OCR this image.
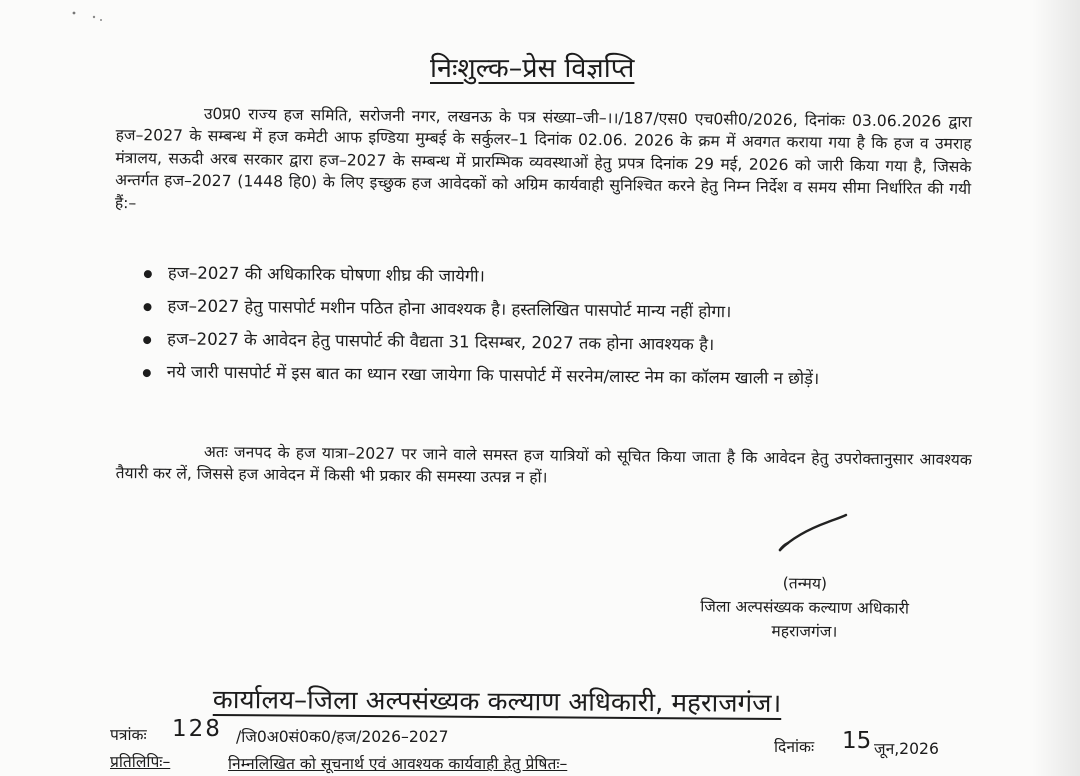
निःशुल्क–प्रेस विज्ञप्ति

उ0प्र0 राज्य हज समिति, सरोजनी नगर, लखनऊ के पत्र संख्या–जी–।।/187/एस0 एच0सी0/2026, दिनांकः 03.06.2026 द्वारा हज–2027 के सम्बन्ध में हज कमेटी आफ इण्डिया मुम्बई के सर्कुलर–1 दिनांक 02.06. 2026 के क्रम में अवगत कराया गया है कि हज व उमराह मंत्रालय, सऊदी अरब सरकार द्वारा हज–2027 के सम्बन्ध में प्रारम्भिक व्यवस्थाओं हेतु प्रपत्र दिनांक 29 मई, 2026 को जारी किया गया है, जिसके अन्तर्गत हज–2027 (1448 हि0) के लिए इच्छुक हज आवेदकों को अग्रिम कार्यवाही सुनिश्चित करने हेतु निम्न निर्देश व समय सीमा निर्धारित की गयी हैं:–

हज–2027 की अधिकारिक घोषणा शीघ्र की जायेगी।
हज–2027 हेतु पासपोर्ट मशीन पठित होना आवश्यक है। हस्तलिखित पासपोर्ट मान्य नहीं होगा।
हज–2027 के आवेदन हेतु पासपोर्ट की वैद्यता 31 दिसम्बर, 2027 तक होना आवश्यक है।
नये जारी पासपोर्ट में इस बात का ध्यान रखा जायेगा कि पासपोर्ट में सरनेम/लास्ट नेम का कॉलम खाली न छोड़ें।

अतः जनपद के हज यात्रा–2027 पर जाने वाले समस्त हज यात्रियों को सूचित किया जाता है कि आवेदन हेतु उपरोक्तानुसार आवश्यक तैयारी कर लें, जिससे हज आवेदन में किसी भी प्रकार की समस्या उत्पन्न न हों।

(तन्मय)
जिला अल्पसंख्यक कल्याण अधिकारी
महराजगंज।
कार्यालय–जिला अल्पसंख्यक कल्याण अधिकारी, महराजगंज।
पत्रांकः 128 /जि0अ0सं0क0/हज/2026–2027
दिनांकः 15 जून,2026
प्रतिलिपिः–	निम्नलिखित को सूचनार्थ एवं आवश्यक कार्यवाही हेतु प्रेषितः–
